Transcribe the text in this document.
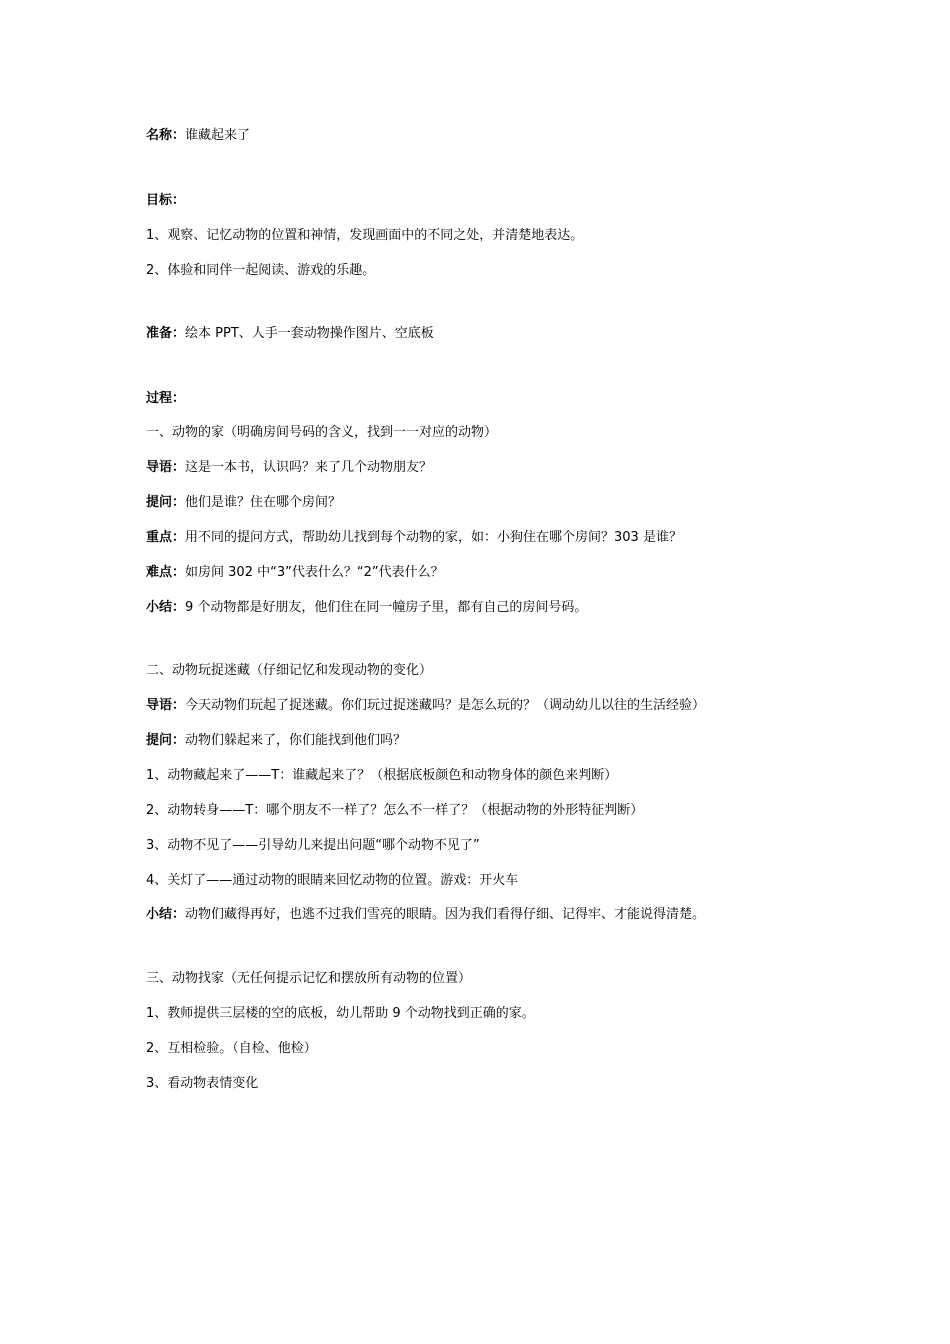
名称：谁藏起来了
目标：
1、观察、记忆动物的位置和神情，发现画面中的不同之处，并清楚地表达。
2、体验和同伴一起阅读、游戏的乐趣。
准备：绘本 PPT、人手一套动物操作图片、空底板
过程：
一、动物的家（明确房间号码的含义，找到一一对应的动物）
导语：这是一本书，认识吗？来了几个动物朋友？
提问：他们是谁？住在哪个房间？
重点：用不同的提问方式，帮助幼儿找到每个动物的家，如：小狗住在哪个房间？303 是谁？
难点：如房间 302 中“3”代表什么？“2”代表什么？
小结：9 个动物都是好朋友，他们住在同一幢房子里，都有自己的房间号码。
二、动物玩捉迷藏（仔细记忆和发现动物的变化）
导语：今天动物们玩起了捉迷藏。你们玩过捉迷藏吗？是怎么玩的？（调动幼儿以往的生活经验）
提问：动物们躲起来了，你们能找到他们吗？
1、动物藏起来了——T：谁藏起来了？（根据底板颜色和动物身体的颜色来判断）
2、动物转身——T：哪个朋友不一样了？怎么不一样了？（根据动物的外形特征判断）
3、动物不见了——引导幼儿来提出问题“哪个动物不见了”
4、关灯了——通过动物的眼睛来回忆动物的位置。游戏：开火车
小结：动物们藏得再好，也逃不过我们雪亮的眼睛。因为我们看得仔细、记得牢、才能说得清楚。
三、动物找家（无任何提示记忆和摆放所有动物的位置）
1、教师提供三层楼的空的底板，幼儿帮助 9 个动物找到正确的家。
2、互相检验。（自检、他检）
3、看动物表情变化
